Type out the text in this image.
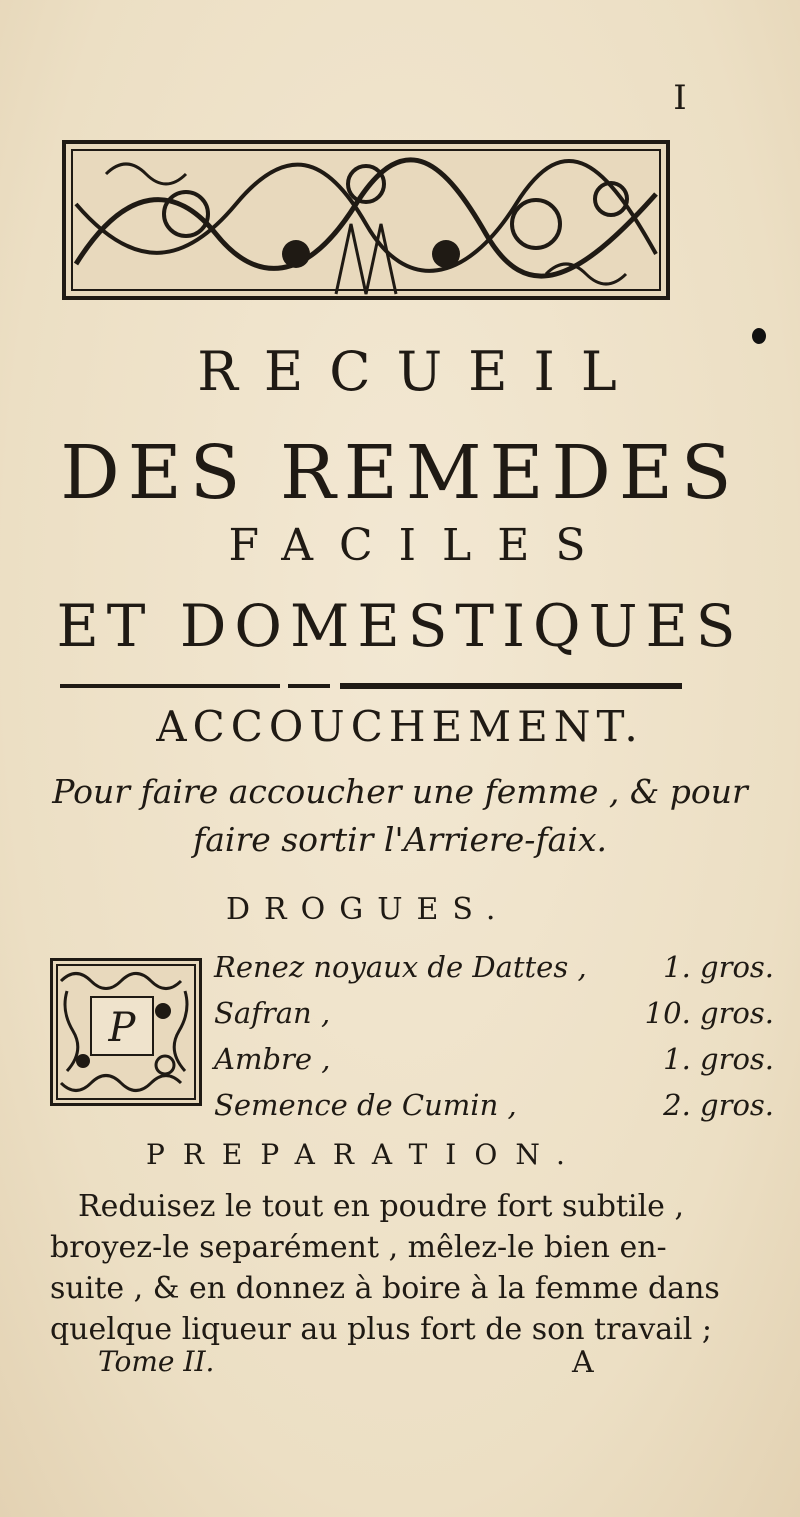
I
RECUEIL
DES REMEDES
FACILES
ET DOMESTIQUES
ACCOUCHEMENT.
Pour faire accoucher une femme , & pour
faire sortir l'Arriere-faix.
DROGUES.
P
Renez noyaux de Dattes ,	1. gros.
Safran ,	10. gros.
Ambre ,	1. gros.
Semence de Cumin ,	2. gros.
PREPARATION.
Reduisez le tout en poudre fort subtile ,
broyez-le separément , mêlez-le bien en-
suite , & en donnez à boire à la femme dans
quelque liqueur au plus fort de son travail ;
Tome II.	A
